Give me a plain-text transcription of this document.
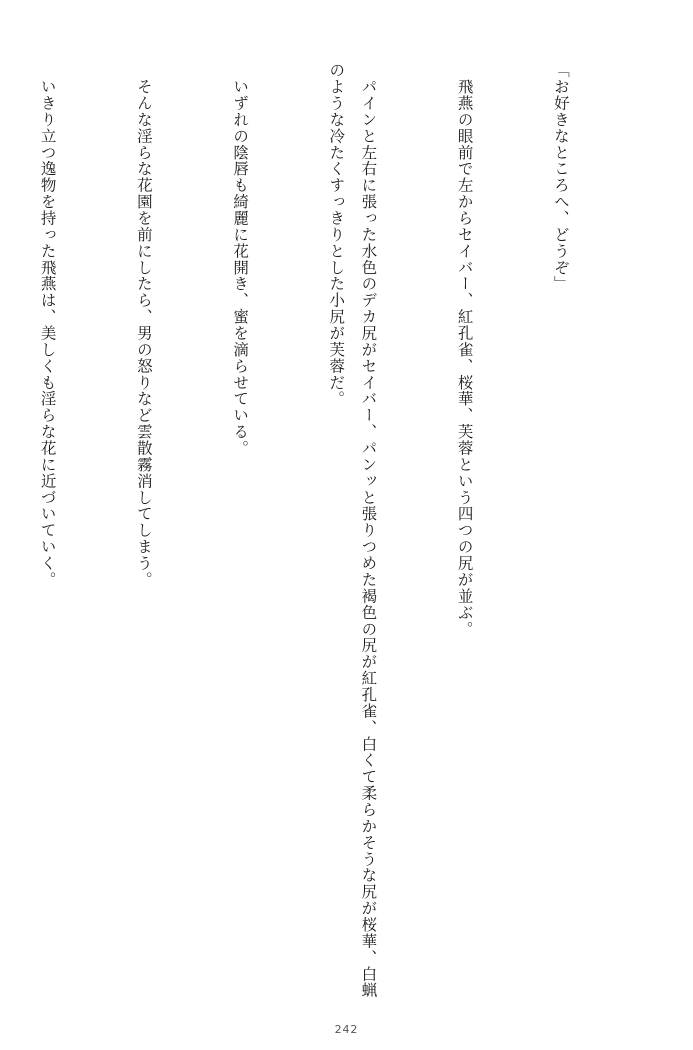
「お好きなところへ、どうぞ」

　飛燕の眼前で左からセイバー、紅孔雀、桜華、芙蓉という四つの尻が並ぶ。

　パインと左右に張った水色のデカ尻がセイバー、パンッと張りつめた褐色の尻が紅孔雀、白くて柔らかそうな尻が桜華、白蝋のような冷たくすっきりとした小尻が芙蓉だ。

　いずれの陰唇も綺麗に花開き、蜜を滴らせている。

　そんな淫らな花園を前にしたら、男の怒りなど雲散霧消してしまう。

　いきり立つ逸物を持った飛燕は、美しくも淫らな花に近づいていく。

242
